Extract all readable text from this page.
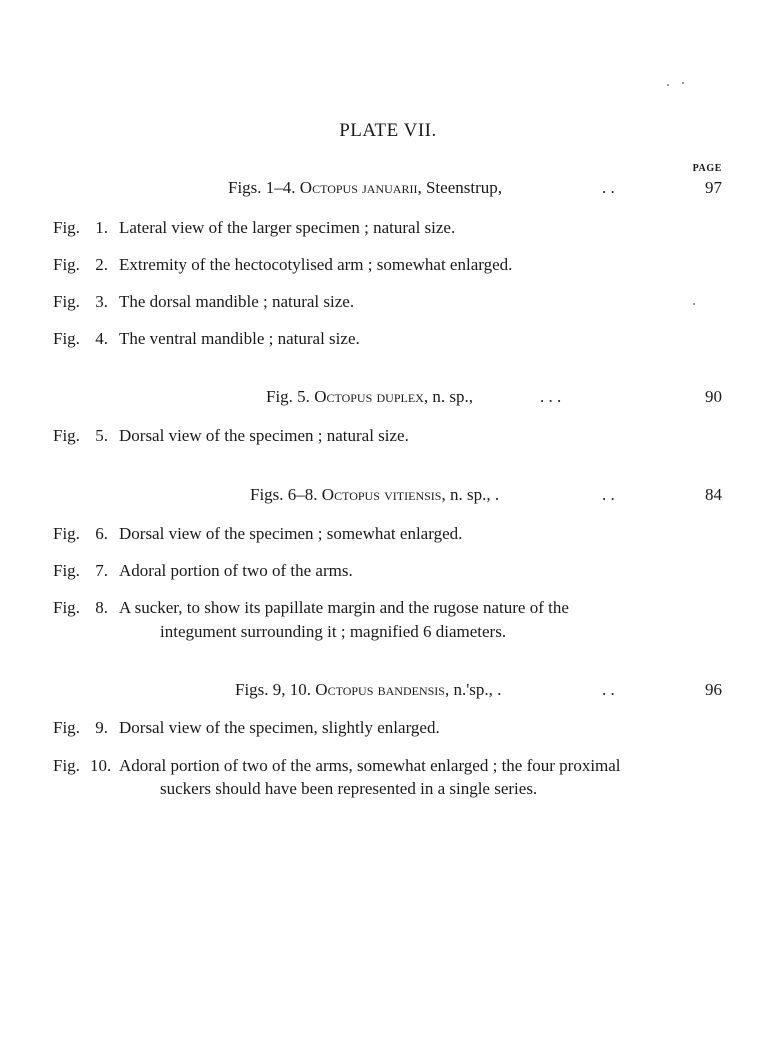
PLATE VII.
PAGE
Figs. 1–4. Octopus januarii, Steenstrup,	. .	97
Fig. 1. Lateral view of the larger specimen ; natural size.
Fig. 2. Extremity of the hectocotylised arm ; somewhat enlarged.
Fig. 3. The dorsal mandible ; natural size.
Fig. 4. The ventral mandible ; natural size.
Fig. 5. Octopus duplex, n. sp.,	. . .	90
Fig. 5. Dorsal view of the specimen ; natural size.
Figs. 6–8. Octopus vitiensis, n. sp., .	. .	84
Fig. 6. Dorsal view of the specimen ; somewhat enlarged.
Fig. 7. Adoral portion of two of the arms.
Fig. 8. A sucker, to show its papillate margin and the rugose nature of the
integument surrounding it ; magnified 6 diameters.
Figs. 9, 10. Octopus bandensis, n.'sp., .	. .	96
Fig. 9. Dorsal view of the specimen, slightly enlarged.
Fig. 10. Adoral portion of two of the arms, somewhat enlarged ; the four proximal
suckers should have been represented in a single series.
